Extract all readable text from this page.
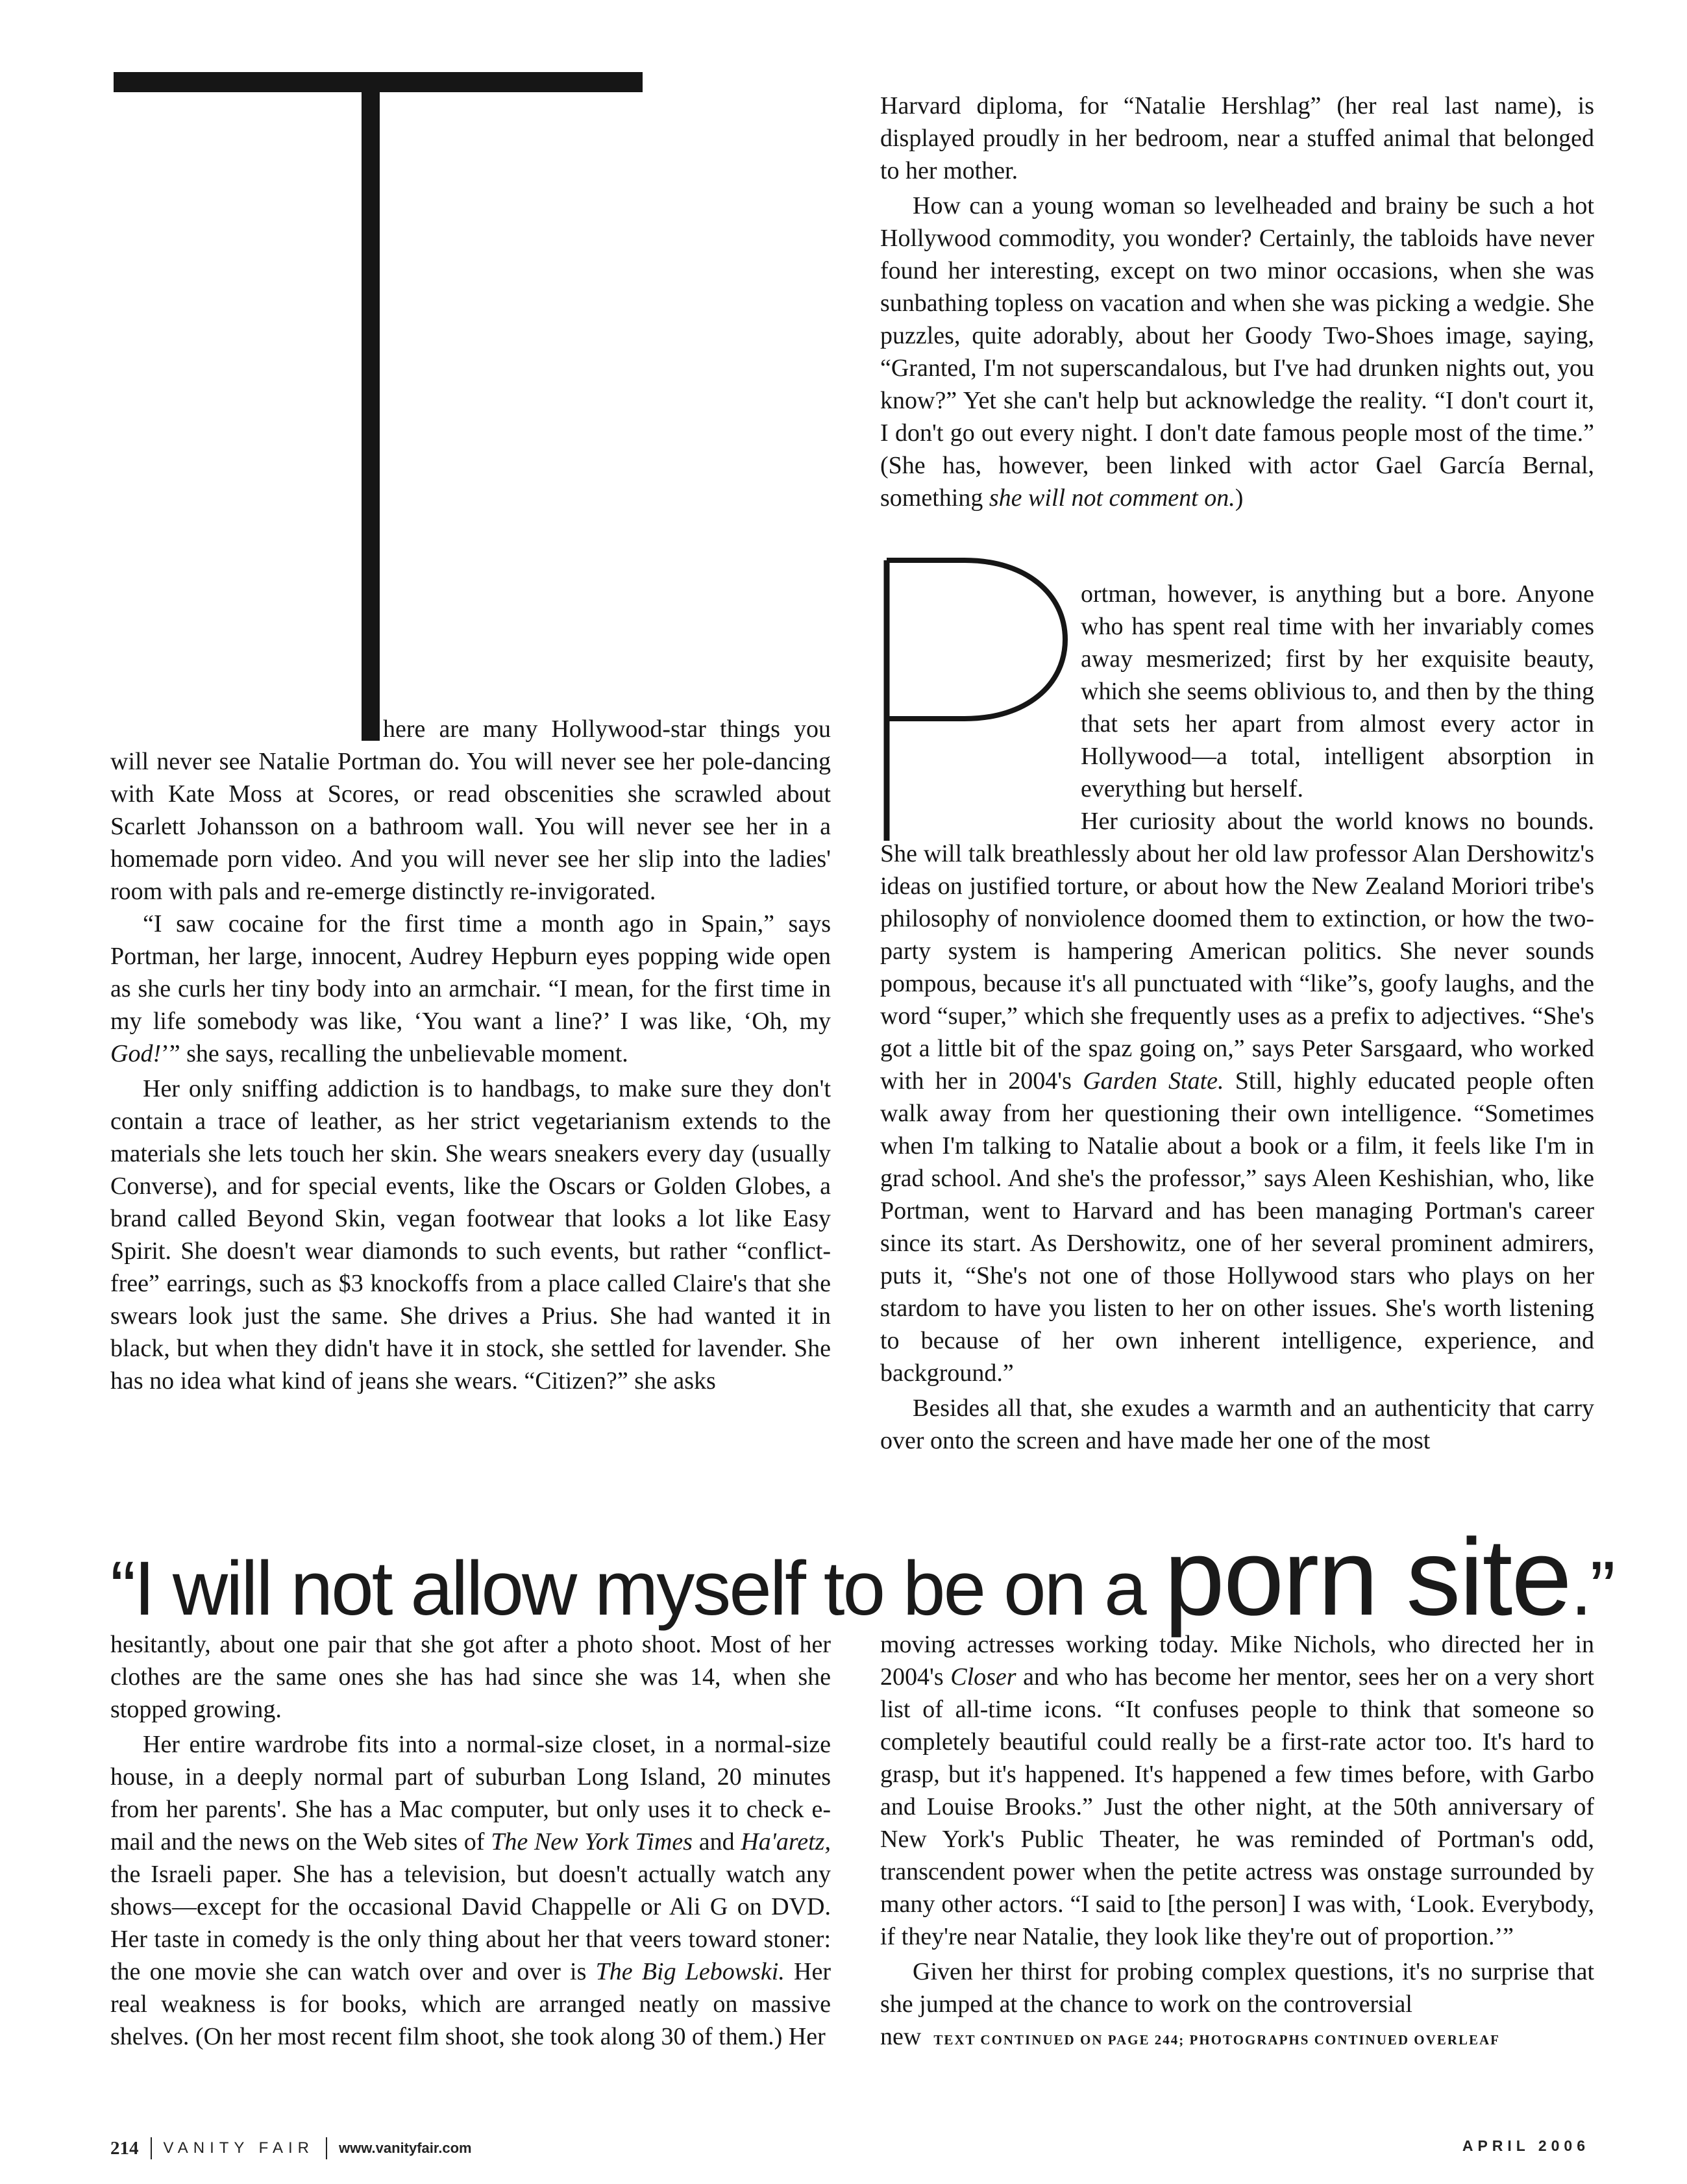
here are many Hollywood-star things you will never see Natalie Portman do. You will never see her pole-dancing with Kate Moss at Scores, or read obscenities she scrawled about Scarlett Johansson on a bathroom wall. You will never see her in a homemade porn video. And you will never see her slip into the ladies' room with pals and re-emerge distinctly re-invigorated.

“I saw cocaine for the first time a month ago in Spain,” says Portman, her large, innocent, Audrey Hepburn eyes popping wide open as she curls her tiny body into an armchair. “I mean, for the first time in my life somebody was like, ‘You want a line?’ I was like, ‘Oh, my God!’” she says, recalling the unbelievable moment.

Her only sniffing addiction is to handbags, to make sure they don't contain a trace of leather, as her strict vegetarianism extends to the materials she lets touch her skin. She wears sneakers every day (usually Converse), and for special events, like the Oscars or Golden Globes, a brand called Beyond Skin, vegan footwear that looks a lot like Easy Spirit. She doesn't wear diamonds to such events, but rather “conflict-free” earrings, such as $3 knockoffs from a place called Claire's that she swears look just the same. She drives a Prius. She had wanted it in black, but when they didn't have it in stock, she settled for lavender. She has no idea what kind of jeans she wears. “Citizen?” she asks

Harvard diploma, for “Natalie Hershlag” (her real last name), is displayed proudly in her bedroom, near a stuffed animal that belonged to her mother.

How can a young woman so levelheaded and brainy be such a hot Hollywood commodity, you wonder? Certainly, the tabloids have never found her interesting, except on two minor occasions, when she was sunbathing topless on vacation and when she was picking a wedgie. She puzzles, quite adorably, about her Goody Two-Shoes image, saying, “Granted, I'm not superscandalous, but I've had drunken nights out, you know?” Yet she can't help but acknowledge the reality. “I don't court it, I don't go out every night. I don't date famous people most of the time.” (She has, however, been linked with actor Gael García Bernal, something she will not comment on.)

ortman, however, is anything but a bore. Anyone who has spent real time with her invariably comes away mesmerized; first by her exquisite beauty, which she seems oblivious to, and then by the thing that sets her apart from almost every actor in Hollywood—a total, intelligent absorption in everything but herself.

Her curiosity about the world knows no bounds. She will talk breathlessly about her old law professor Alan Dershowitz's ideas on justified torture, or about how the New Zealand Moriori tribe's philosophy of nonviolence doomed them to extinction, or how the two-party system is hampering American politics. She never sounds pompous, because it's all punctuated with “like”s, goofy laughs, and the word “super,” which she frequently uses as a prefix to adjectives. “She's got a little bit of the spaz going on,” says Peter Sarsgaard, who worked with her in 2004's Garden State. Still, highly educated people often walk away from her questioning their own intelligence. “Sometimes when I'm talking to Natalie about a book or a film, it feels like I'm in grad school. And she's the professor,” says Aleen Keshishian, who, like Portman, went to Harvard and has been managing Portman's career since its start. As Dershowitz, one of her several prominent admirers, puts it, “She's not one of those Hollywood stars who plays on her stardom to have you listen to her on other issues. She's worth listening to because of her own inherent intelligence, experience, and background.”

Besides all that, she exudes a warmth and an authenticity that carry over onto the screen and have made her one of the most

“I will not allow myself to be on a porn site.”

hesitantly, about one pair that she got after a photo shoot. Most of her clothes are the same ones she has had since she was 14, when she stopped growing.

Her entire wardrobe fits into a normal-size closet, in a normal-size house, in a deeply normal part of suburban Long Island, 20 minutes from her parents'. She has a Mac computer, but only uses it to check e-mail and the news on the Web sites of The New York Times and Ha'aretz, the Israeli paper. She has a television, but doesn't actually watch any shows—except for the occasional David Chappelle or Ali G on DVD. Her taste in comedy is the only thing about her that veers toward stoner: the one movie she can watch over and over is The Big Lebowski. Her real weakness is for books, which are arranged neatly on massive shelves. (On her most recent film shoot, she took along 30 of them.) Her

moving actresses working today. Mike Nichols, who directed her in 2004's Closer and who has become her mentor, sees her on a very short list of all-time icons. “It confuses people to think that someone so completely beautiful could really be a first-rate actor too. It's hard to grasp, but it's happened. It's happened a few times before, with Garbo and Louise Brooks.” Just the other night, at the 50th anniversary of New York's Public Theater, he was reminded of Portman's odd, transcendent power when the petite actress was onstage surrounded by many other actors. “I said to [the person] I was with, ‘Look. Everybody, if they're near Natalie, they look like they're out of proportion.’”

Given her thirst for probing complex questions, it's no surprise that she jumped at the chance to work on the controversial

new TEXT CONTINUED ON PAGE 244; PHOTOGRAPHS CONTINUED OVERLEAF

214 VANITY FAIR www.vanityfair.com	APRIL 2006
